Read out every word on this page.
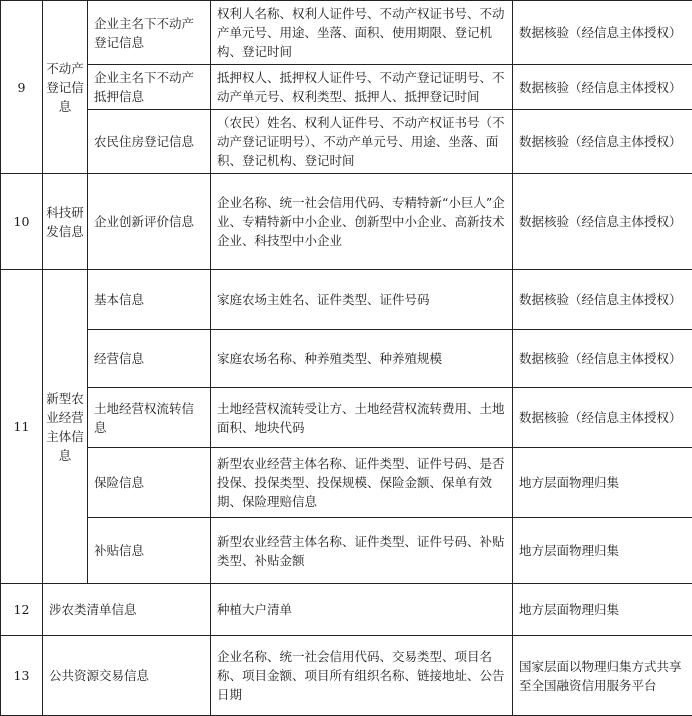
9	不动产登记信息	企业主名下不动产登记信息	权利人名称、权利人证件号、不动产权证书号、不动产单元号、用途、坐落、面积、使用期限、登记机构、登记时间	数据核验（经信息主体授权）
		企业主名下不动产抵押信息	抵押权人、抵押权人证件号、不动产登记证明号、不动产单元号、权利类型、抵押人、抵押登记时间	数据核验（经信息主体授权）
		农民住房登记信息	（农民）姓名、权利人证件号、不动产权证书号（不动产登记证明号）、不动产单元号、用途、坐落、面积、登记机构、登记时间	数据核验（经信息主体授权）
10	科技研发信息	企业创新评价信息	企业名称、统一社会信用代码、专精特新“小巨人”企业、专精特新中小企业、创新型中小企业、高新技术企业、科技型中小企业	数据核验（经信息主体授权）
11	新型农业经营主体信息	基本信息	家庭农场主姓名、证件类型、证件号码	数据核验（经信息主体授权）
		经营信息	家庭农场名称、种养殖类型、种养殖规模	数据核验（经信息主体授权）
		土地经营权流转信息	土地经营权流转受让方、土地经营权流转费用、土地面积、地块代码	数据核验（经信息主体授权）
		保险信息	新型农业经营主体名称、证件类型、证件号码、是否投保、投保类型、投保规模、保险金额、保单有效期、保险理赔信息	地方层面物理归集
		补贴信息	新型农业经营主体名称、证件类型、证件号码、补贴类型、补贴金额	地方层面物理归集
12	涉农类清单信息		种植大户清单	地方层面物理归集
13	公共资源交易信息		企业名称、统一社会信用代码、交易类型、项目名称、项目金额、项目所有组织名称、链接地址、公告日期	国家层面以物理归集方式共享至全国融资信用服务平台
